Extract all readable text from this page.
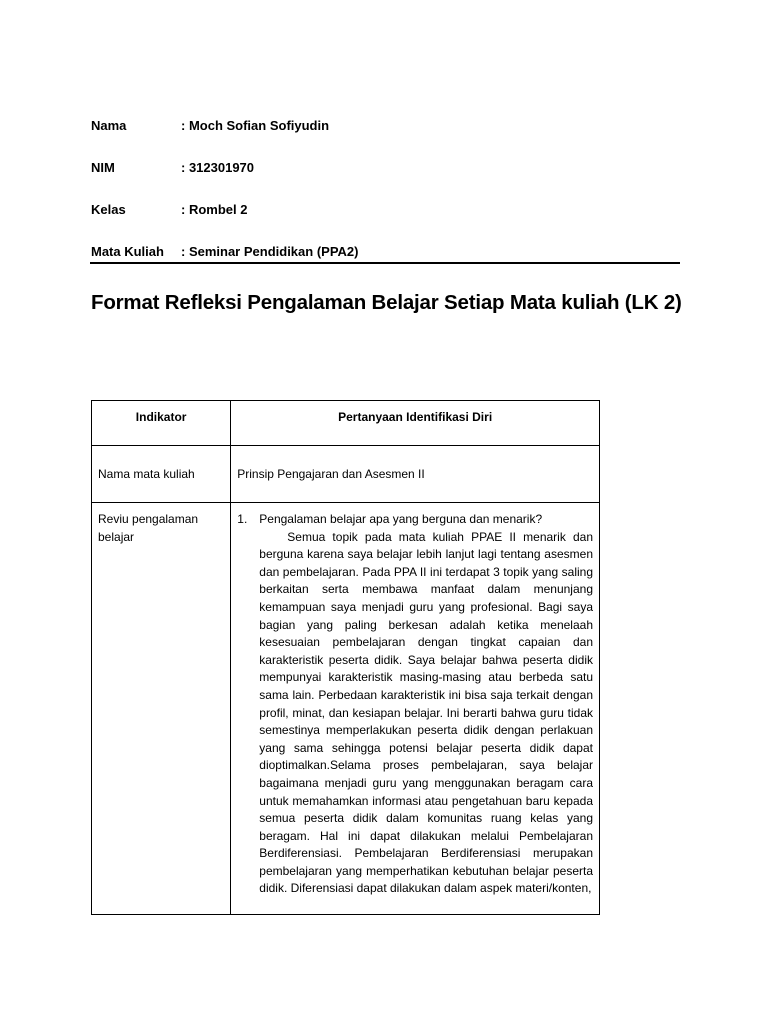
Nama	: Moch Sofian Sofiyudin
NIM	: 312301970
Kelas	: Rombel 2
Mata Kuliah : Seminar Pendidikan (PPA2)
Format Refleksi Pengalaman Belajar Setiap Mata kuliah (LK 2)
Indikator	Pertanyaan Identifikasi Diri

Nama mata kuliah	Prinsip Pengajaran dan Asesmen II

Reviu pengalaman belajar	1. Pengalaman belajar apa yang berguna dan menarik?

Semua topik pada mata kuliah PPAE II menarik dan berguna karena saya belajar lebih lanjut lagi tentang asesmen dan pembelajaran. Pada PPA II ini terdapat 3 topik yang saling berkaitan serta membawa manfaat dalam menunjang kemampuan saya menjadi guru yang profesional. Bagi saya bagian yang paling berkesan adalah ketika menelaah kesesuaian pembelajaran dengan tingkat capaian dan karakteristik peserta didik. Saya belajar bahwa peserta didik mempunyai karakteristik masing-masing atau berbeda satu sama lain. Perbedaan karakteristik ini bisa saja terkait dengan profil, minat, dan kesiapan belajar. Ini berarti bahwa guru tidak semestinya memperlakukan peserta didik dengan perlakuan yang sama sehingga potensi belajar peserta didik dapat dioptimalkan.Selama proses pembelajaran, saya belajar bagaimana menjadi guru yang menggunakan beragam cara untuk memahamkan informasi atau pengetahuan baru kepada semua peserta didik dalam komunitas ruang kelas yang beragam. Hal ini dapat dilakukan melalui Pembelajaran Berdiferensiasi. Pembelajaran Berdiferensiasi merupakan pembelajaran yang memperhatikan kebutuhan belajar peserta didik. Diferensiasi dapat dilakukan dalam aspek materi/konten,
